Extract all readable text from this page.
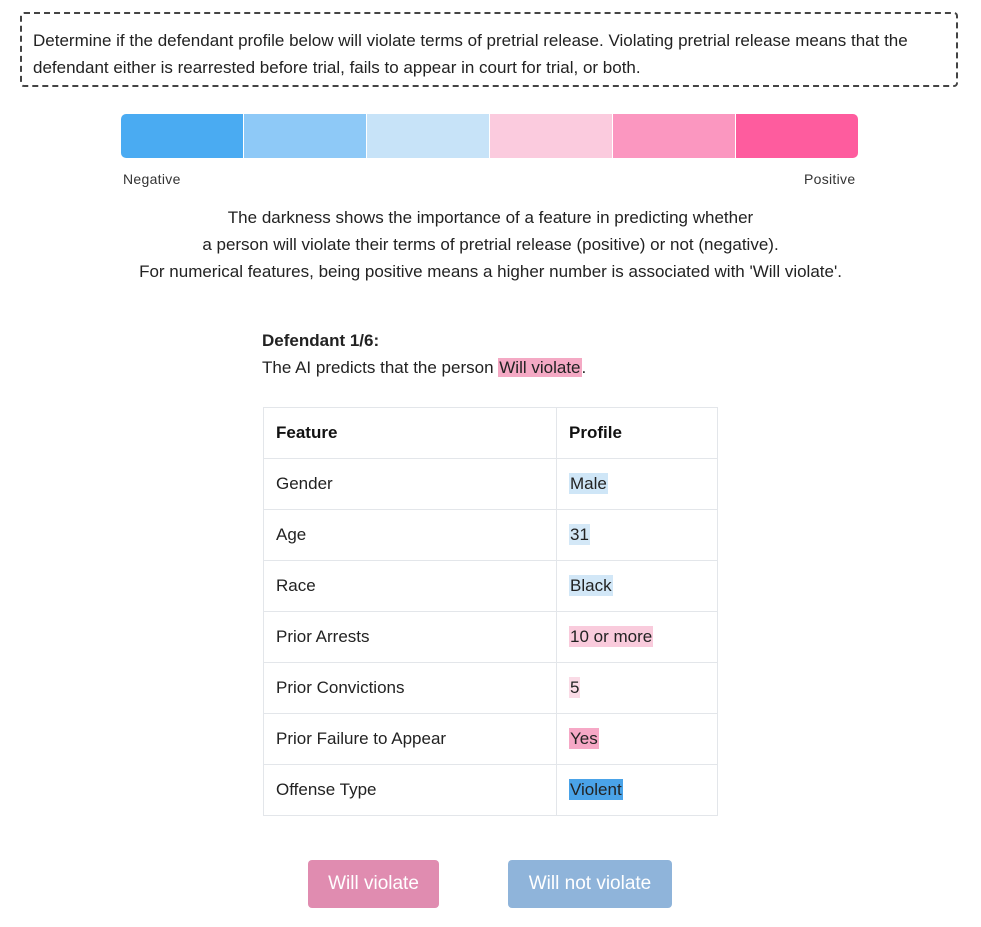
Determine if the defendant profile below will violate terms of pretrial release. Violating pretrial release means that the defendant either is rearrested before trial, fails to appear in court for trial, or both.
Negative	Positive
The darkness shows the importance of a feature in predicting whether
a person will violate their terms of pretrial release (positive) or not (negative).
For numerical features, being positive means a higher number is associated with 'Will violate'.
Defendant 1/6:
The AI predicts that the person Will violate.
Feature	Profile
Gender	Male
Age	31
Race	Black
Prior Arrests	10 or more
Prior Convictions	5
Prior Failure to Appear	Yes
Offense Type	Violent
Will violate	Will not violate
